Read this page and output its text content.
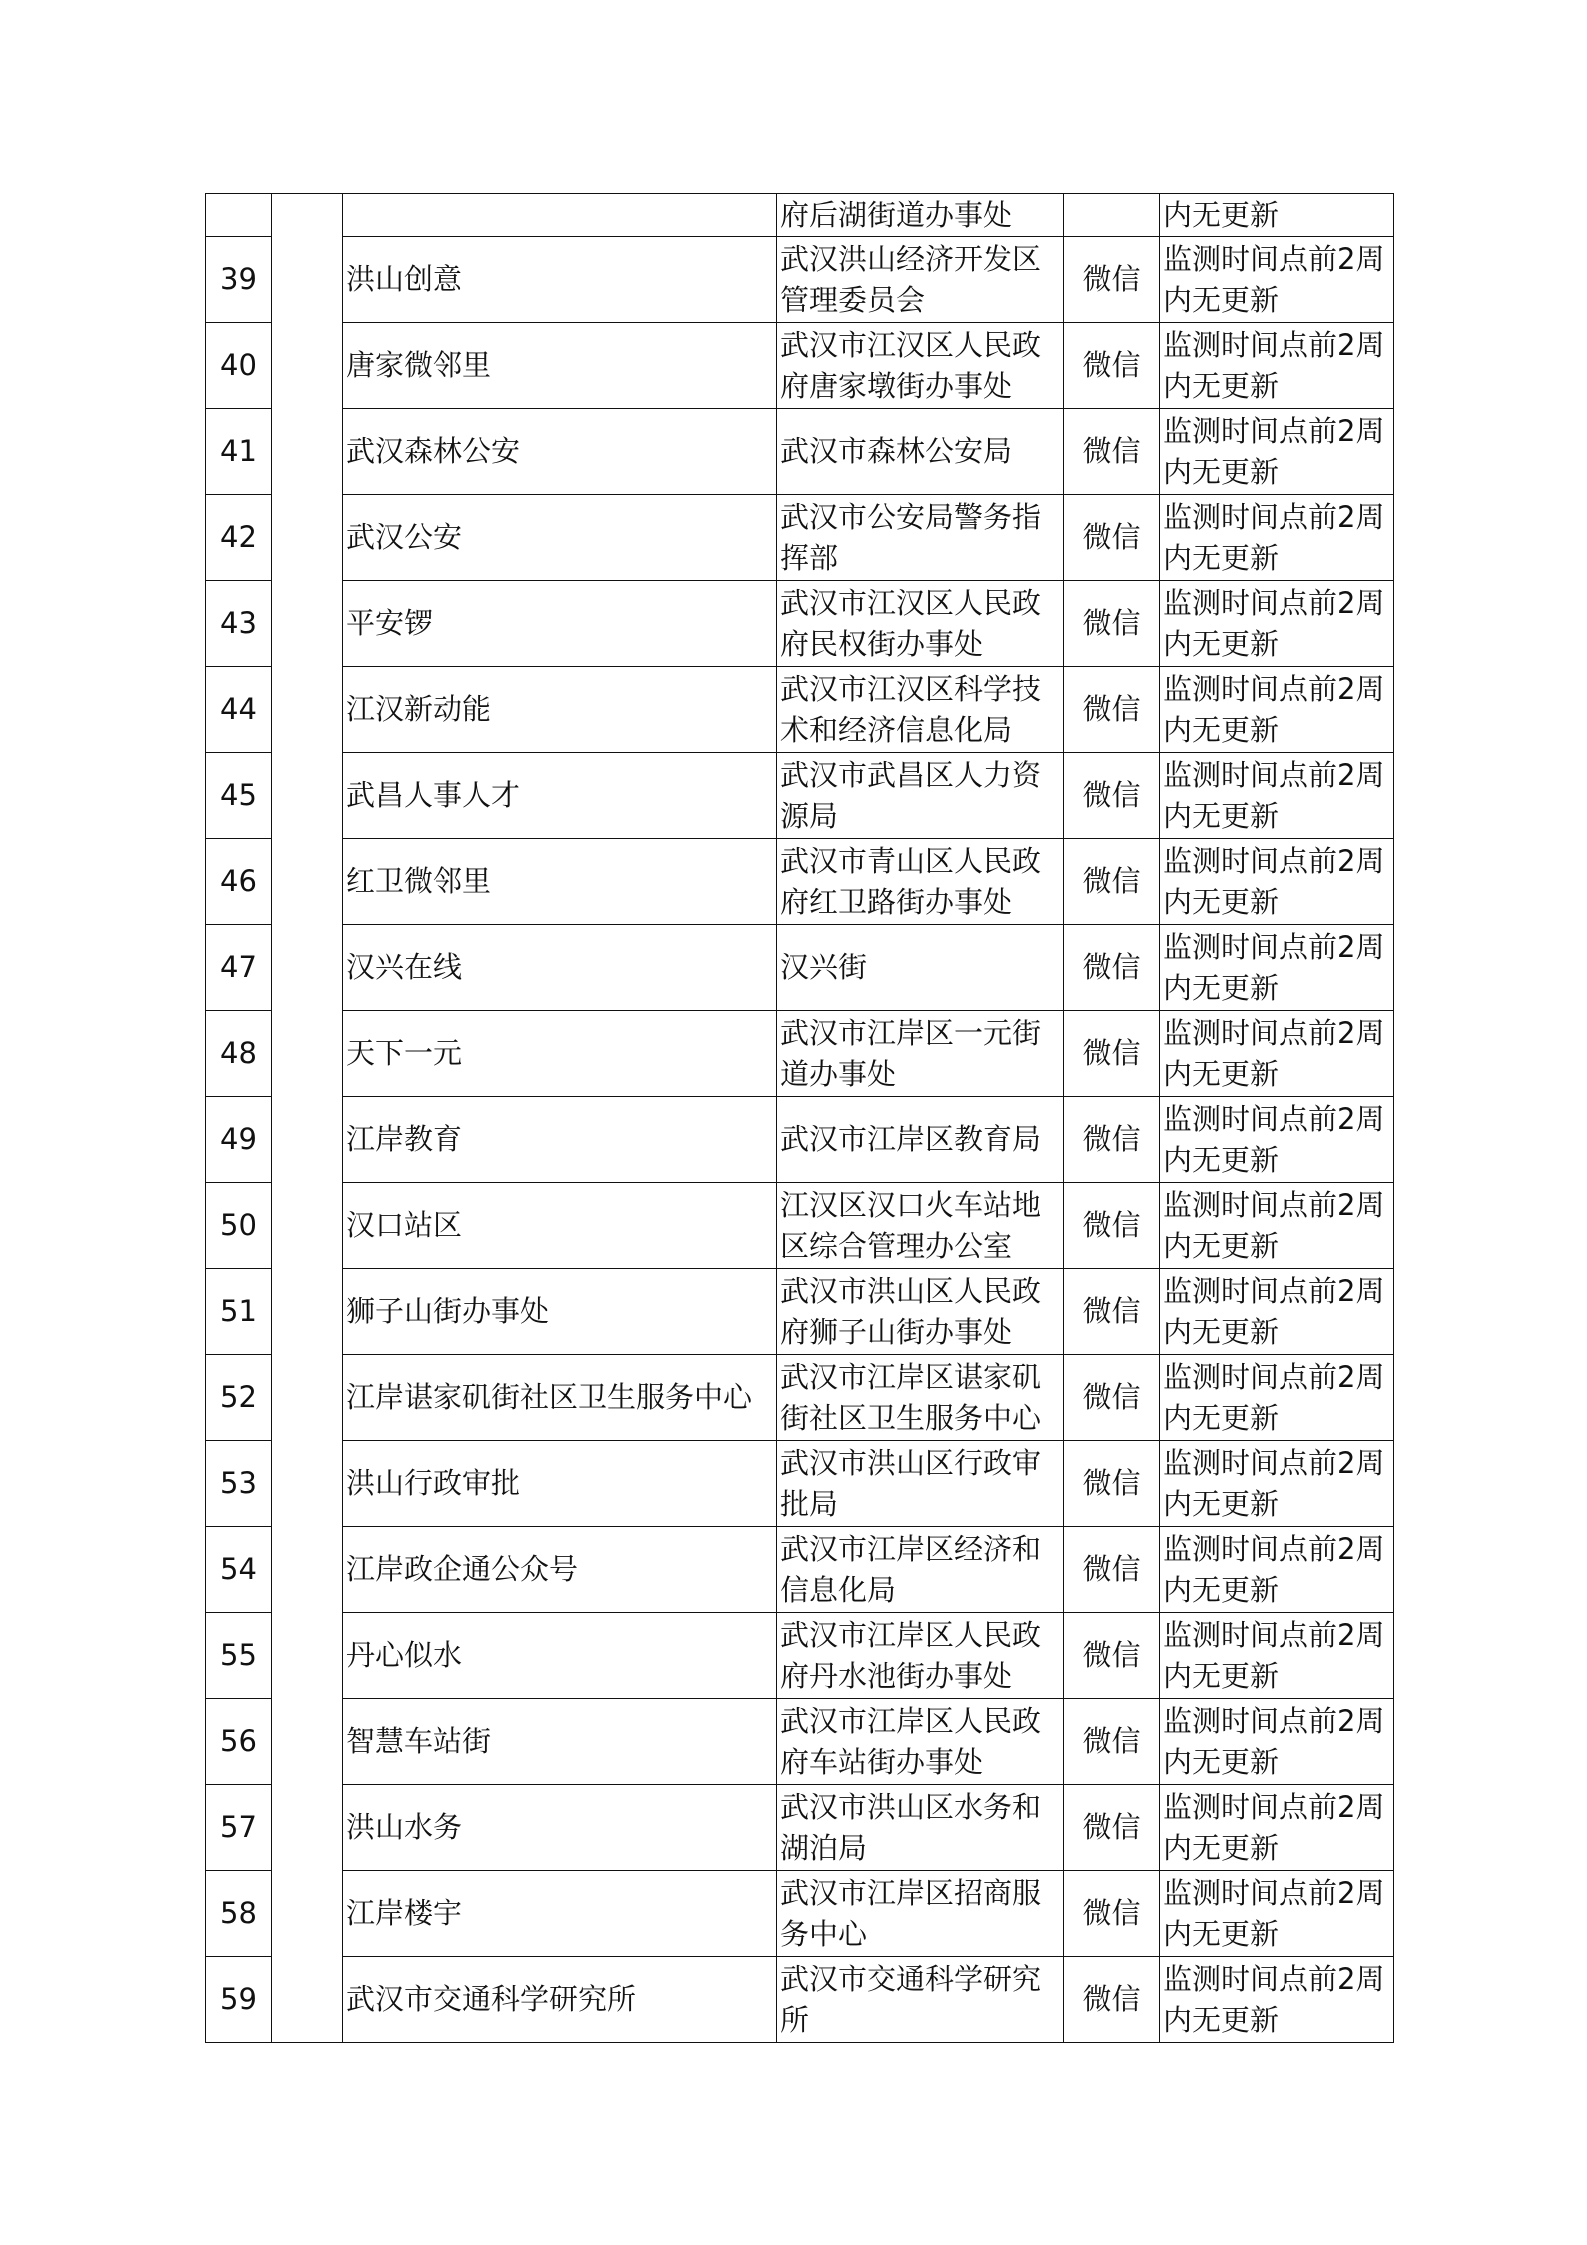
			府后湖街道办事处		内无更新
39		洪山创意	武汉洪山经济开发区管理委员会	微信	监测时间点前2周内无更新
40		唐家微邻里	武汉市江汉区人民政府唐家墩街办事处	微信	监测时间点前2周内无更新
41		武汉森林公安	武汉市森林公安局	微信	监测时间点前2周内无更新
42		武汉公安	武汉市公安局警务指挥部	微信	监测时间点前2周内无更新
43		平安锣	武汉市江汉区人民政府民权街办事处	微信	监测时间点前2周内无更新
44		江汉新动能	武汉市江汉区科学技术和经济信息化局	微信	监测时间点前2周内无更新
45		武昌人事人才	武汉市武昌区人力资源局	微信	监测时间点前2周内无更新
46		红卫微邻里	武汉市青山区人民政府红卫路街办事处	微信	监测时间点前2周内无更新
47		汉兴在线	汉兴街	微信	监测时间点前2周内无更新
48		天下一元	武汉市江岸区一元街道办事处	微信	监测时间点前2周内无更新
49		江岸教育	武汉市江岸区教育局	微信	监测时间点前2周内无更新
50		汉口站区	江汉区汉口火车站地区综合管理办公室	微信	监测时间点前2周内无更新
51		狮子山街办事处	武汉市洪山区人民政府狮子山街办事处	微信	监测时间点前2周内无更新
52		江岸谌家矶街社区卫生服务中心	武汉市江岸区谌家矶街社区卫生服务中心	微信	监测时间点前2周内无更新
53		洪山行政审批	武汉市洪山区行政审批局	微信	监测时间点前2周内无更新
54		江岸政企通公众号	武汉市江岸区经济和信息化局	微信	监测时间点前2周内无更新
55		丹心似水	武汉市江岸区人民政府丹水池街办事处	微信	监测时间点前2周内无更新
56		智慧车站街	武汉市江岸区人民政府车站街办事处	微信	监测时间点前2周内无更新
57		洪山水务	武汉市洪山区水务和湖泊局	微信	监测时间点前2周内无更新
58		江岸楼宇	武汉市江岸区招商服务中心	微信	监测时间点前2周内无更新
59		武汉市交通科学研究所	武汉市交通科学研究所	微信	监测时间点前2周内无更新
